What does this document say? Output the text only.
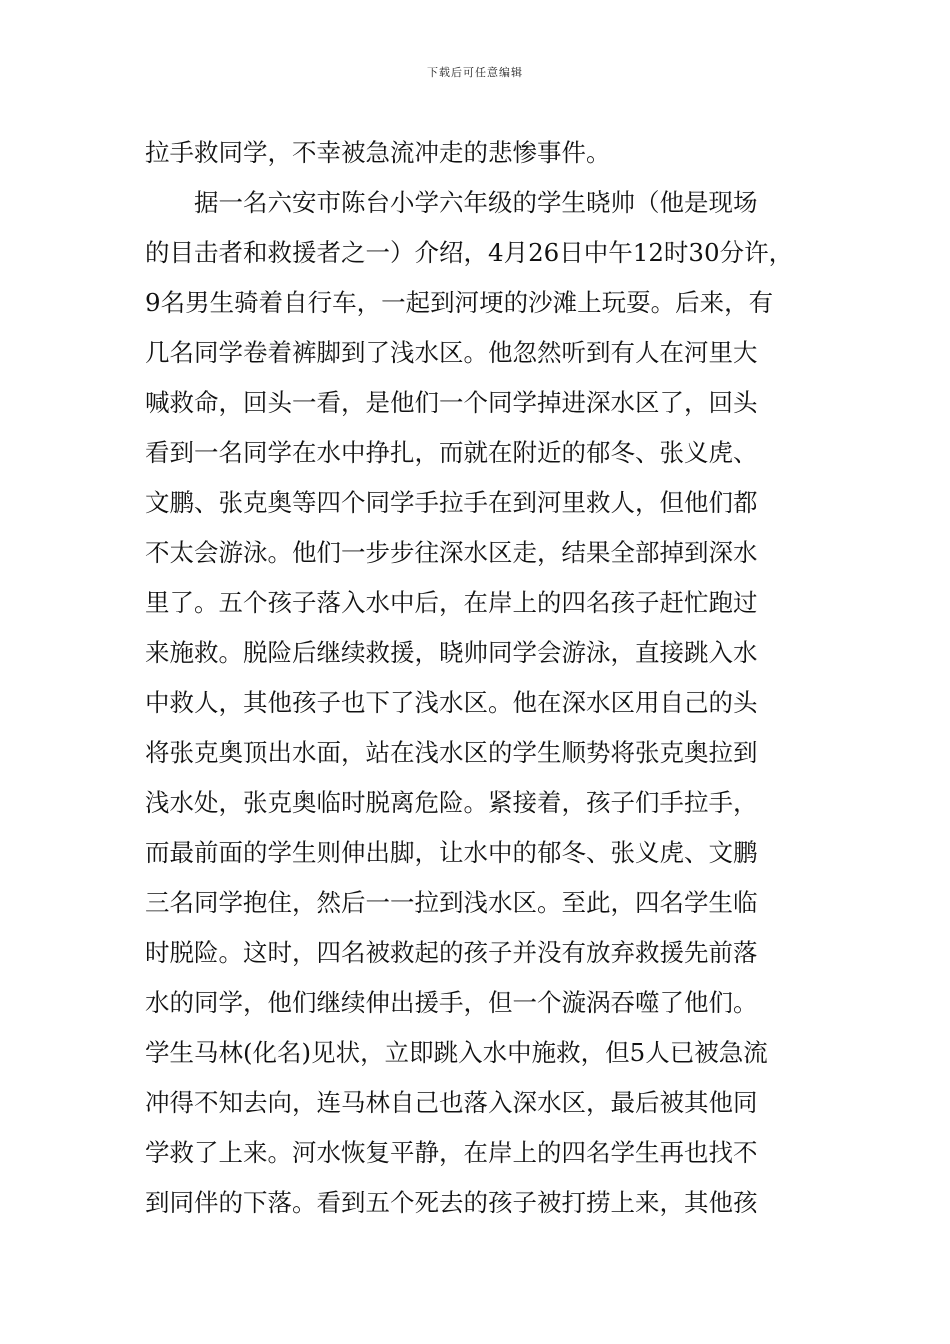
下载后可任意编辑
拉手救同学，不幸被急流冲走的悲惨事件。
　　据一名六安市陈台小学六年级的学生晓帅（他是现场
的目击者和救援者之一）介绍，4月26日中午12时30分许，
9名男生骑着自行车，一起到河埂的沙滩上玩耍。后来，有
几名同学卷着裤脚到了浅水区。他忽然听到有人在河里大
喊救命，回头一看，是他们一个同学掉进深水区了，回头
看到一名同学在水中挣扎，而就在附近的郁冬、张义虎、
文鹏、张克奥等四个同学手拉手在到河里救人，但他们都
不太会游泳。他们一步步往深水区走，结果全部掉到深水
里了。五个孩子落入水中后，在岸上的四名孩子赶忙跑过
来施救。脱险后继续救援，晓帅同学会游泳，直接跳入水
中救人，其他孩子也下了浅水区。他在深水区用自己的头
将张克奥顶出水面，站在浅水区的学生顺势将张克奥拉到
浅水处，张克奥临时脱离危险。紧接着，孩子们手拉手，
而最前面的学生则伸出脚，让水中的郁冬、张义虎、文鹏
三名同学抱住，然后一一拉到浅水区。至此，四名学生临
时脱险。这时，四名被救起的孩子并没有放弃救援先前落
水的同学，他们继续伸出援手，但一个漩涡吞噬了他们。
学生马林(化名)见状，立即跳入水中施救，但5人已被急流
冲得不知去向，连马林自己也落入深水区，最后被其他同
学救了上来。河水恢复平静，在岸上的四名学生再也找不
到同伴的下落。看到五个死去的孩子被打捞上来，其他孩
